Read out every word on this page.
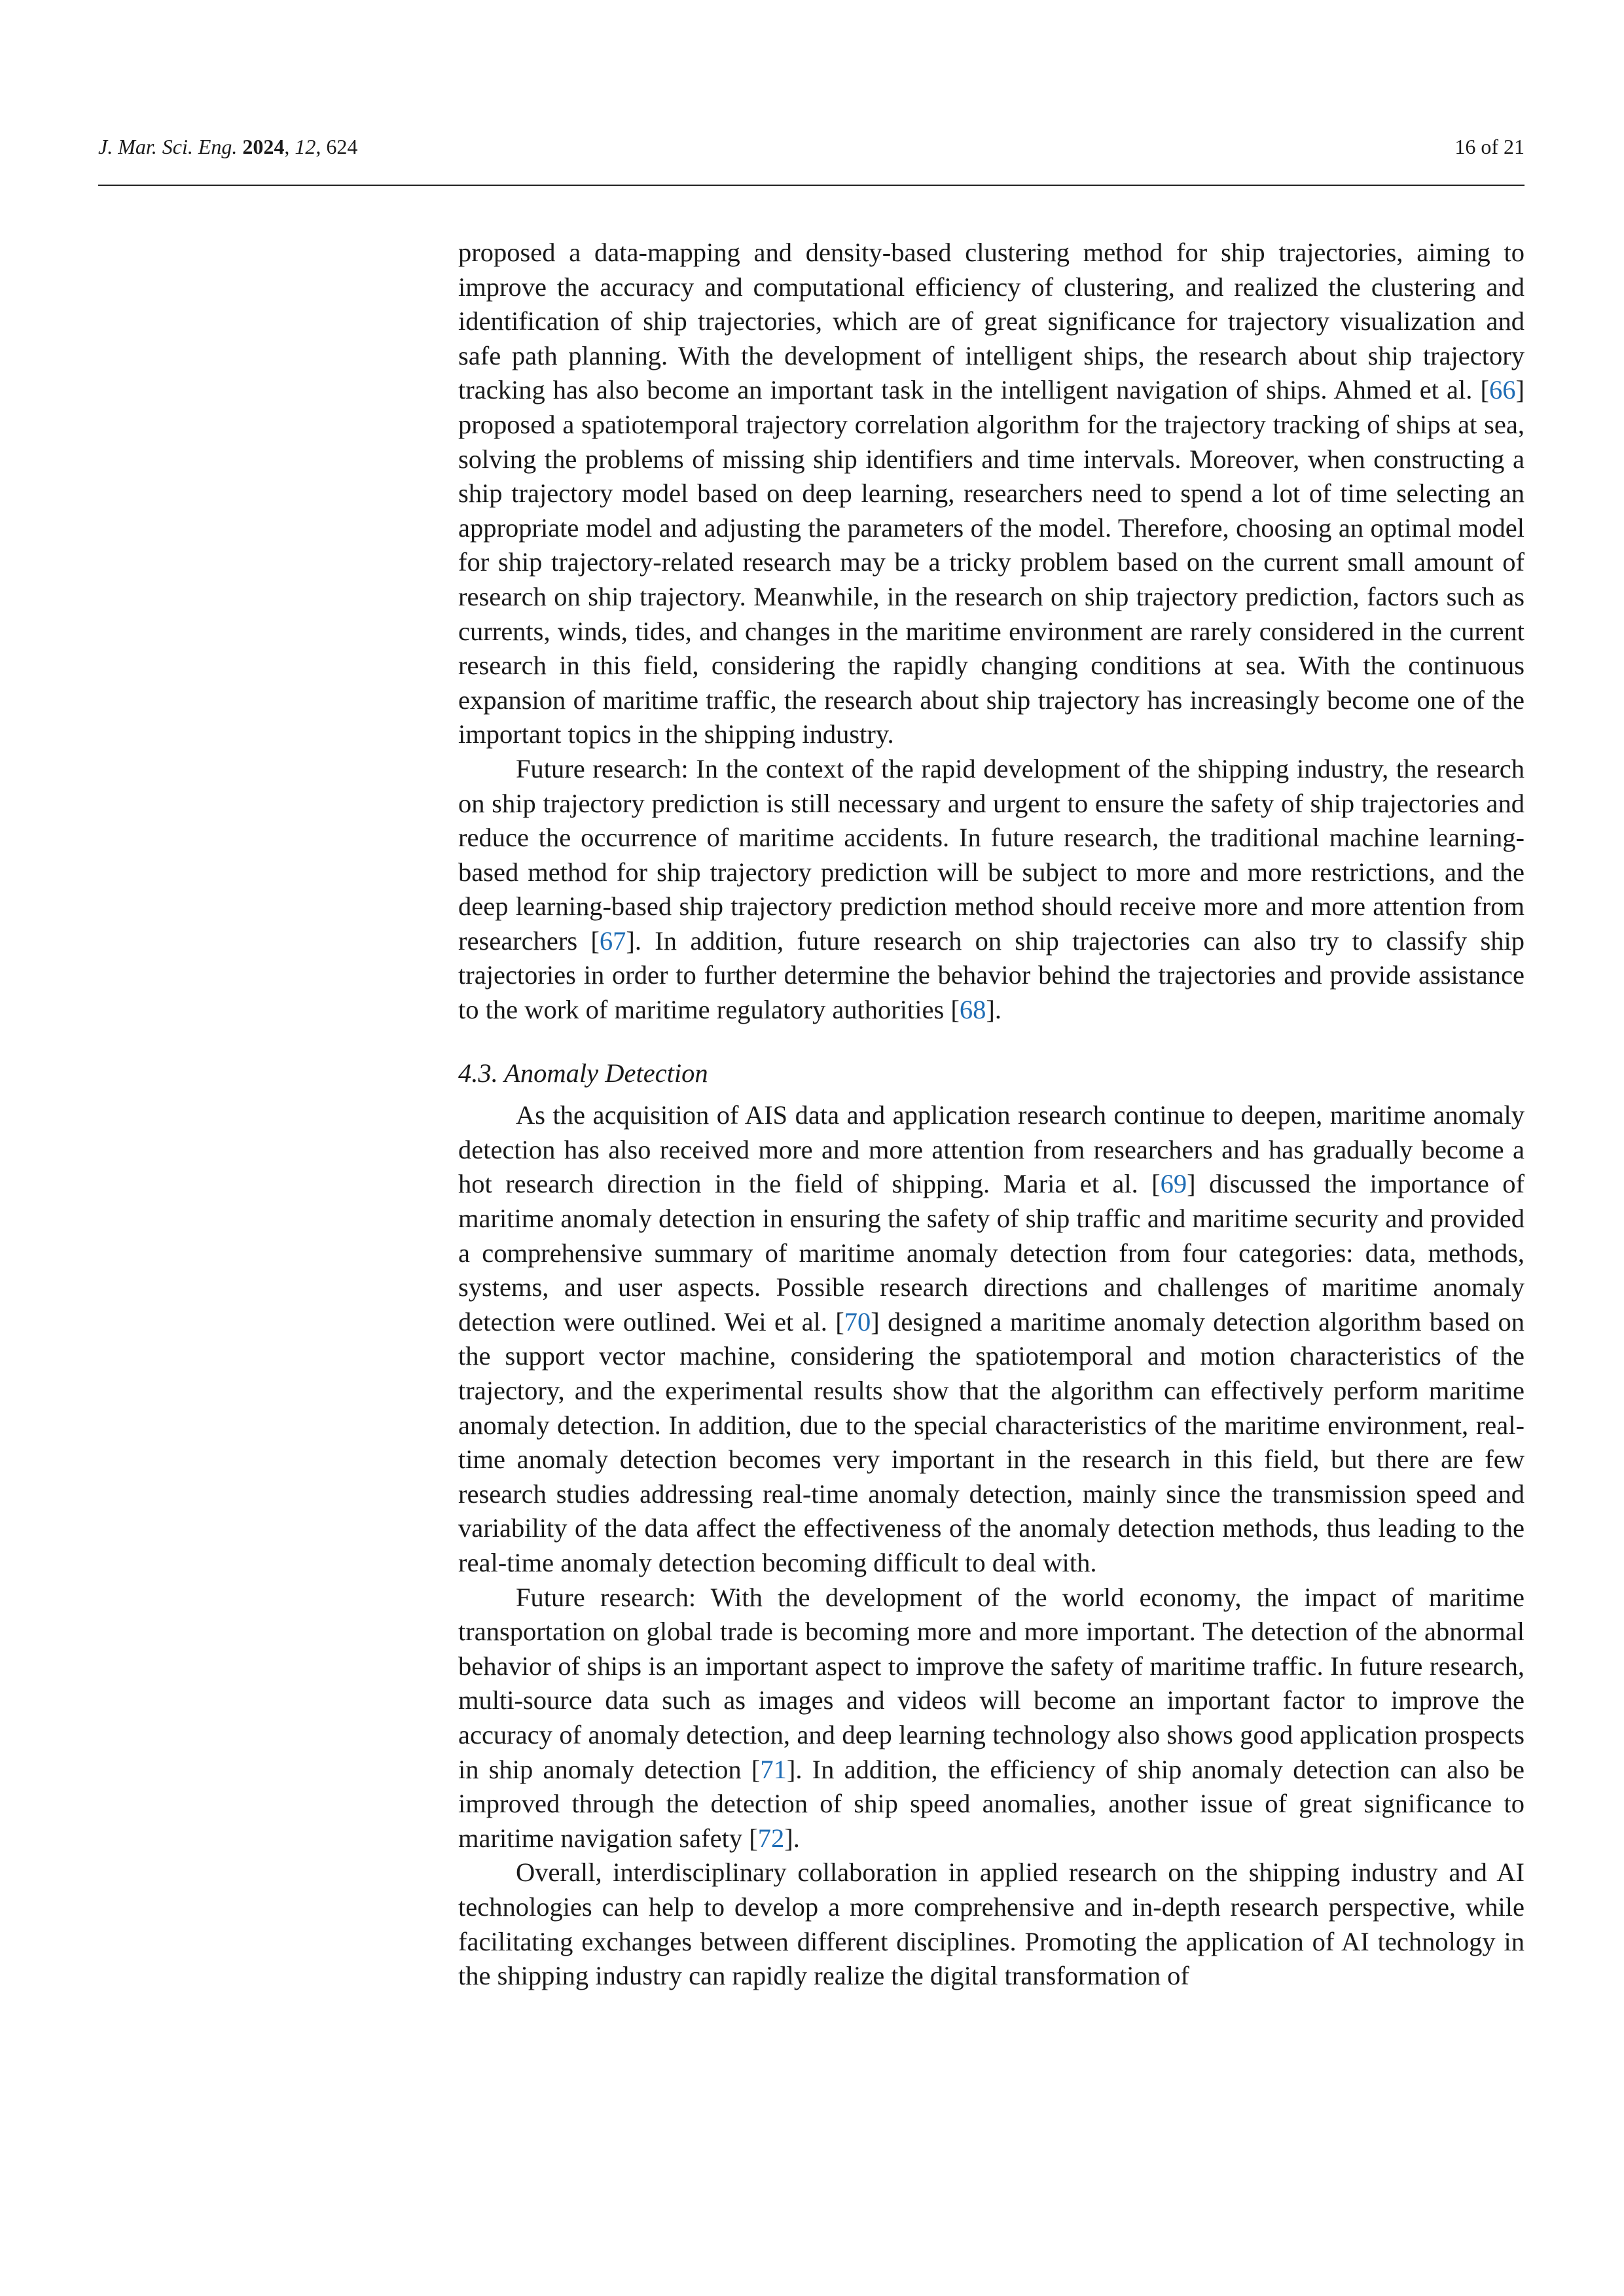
J. Mar. Sci. Eng. 2024, 12, 624	16 of 21

proposed a data-mapping and density-based clustering method for ship trajectories, aiming to improve the accuracy and computational efficiency of clustering, and realized the clustering and identification of ship trajectories, which are of great significance for trajectory visualization and safe path planning. With the development of intelligent ships, the research about ship trajectory tracking has also become an important task in the intelligent navigation of ships. Ahmed et al. [66] proposed a spatiotemporal trajectory correlation algorithm for the trajectory tracking of ships at sea, solving the problems of missing ship identifiers and time intervals. Moreover, when constructing a ship trajectory model based on deep learning, researchers need to spend a lot of time selecting an appropriate model and adjusting the parameters of the model. Therefore, choosing an optimal model for ship trajectory-related research may be a tricky problem based on the current small amount of research on ship trajectory. Meanwhile, in the research on ship trajectory prediction, factors such as currents, winds, tides, and changes in the maritime environment are rarely considered in the current research in this field, considering the rapidly changing conditions at sea. With the continuous expansion of maritime traffic, the research about ship trajectory has increasingly become one of the important topics in the shipping industry.

Future research: In the context of the rapid development of the shipping industry, the research on ship trajectory prediction is still necessary and urgent to ensure the safety of ship trajectories and reduce the occurrence of maritime accidents. In future research, the traditional machine learning-based method for ship trajectory prediction will be subject to more and more restrictions, and the deep learning-based ship trajectory prediction method should receive more and more attention from researchers [67]. In addition, future research on ship trajectories can also try to classify ship trajectories in order to further determine the behavior behind the trajectories and provide assistance to the work of maritime regulatory authorities [68].

4.3. Anomaly Detection

As the acquisition of AIS data and application research continue to deepen, maritime anomaly detection has also received more and more attention from researchers and has gradually become a hot research direction in the field of shipping. Maria et al. [69] discussed the importance of maritime anomaly detection in ensuring the safety of ship traffic and maritime security and provided a comprehensive summary of maritime anomaly detection from four categories: data, methods, systems, and user aspects. Possible research directions and challenges of maritime anomaly detection were outlined. Wei et al. [70] designed a maritime anomaly detection algorithm based on the support vector machine, considering the spatiotemporal and motion characteristics of the trajectory, and the experimental results show that the algorithm can effectively perform maritime anomaly detection. In addition, due to the special characteristics of the maritime environment, real-time anomaly detection becomes very important in the research in this field, but there are few research studies addressing real-time anomaly detection, mainly since the transmission speed and variability of the data affect the effectiveness of the anomaly detection methods, thus leading to the real-time anomaly detection becoming difficult to deal with.

Future research: With the development of the world economy, the impact of maritime transportation on global trade is becoming more and more important. The detection of the abnormal behavior of ships is an important aspect to improve the safety of maritime traffic. In future research, multi-source data such as images and videos will become an important factor to improve the accuracy of anomaly detection, and deep learning technology also shows good application prospects in ship anomaly detection [71]. In addition, the efficiency of ship anomaly detection can also be improved through the detection of ship speed anomalies, another issue of great significance to maritime navigation safety [72].

Overall, interdisciplinary collaboration in applied research on the shipping industry and AI technologies can help to develop a more comprehensive and in-depth research perspective, while facilitating exchanges between different disciplines. Promoting the application of AI technology in the shipping industry can rapidly realize the digital transformation of
